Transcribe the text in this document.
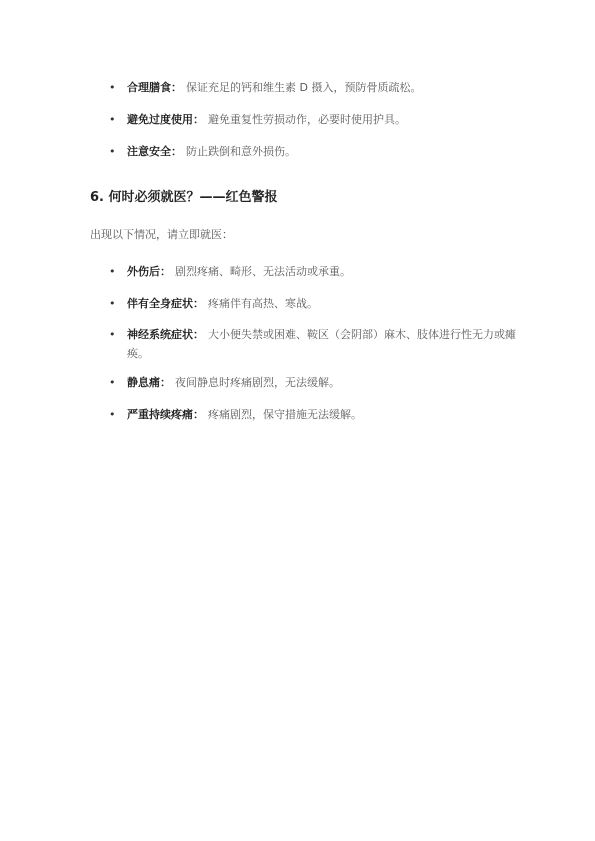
• 合理膳食： 保证充足的钙和维生素 D 摄入，预防骨质疏松。
• 避免过度使用： 避免重复性劳损动作，必要时使用护具。
• 注意安全： 防止跌倒和意外损伤。
6. 何时必须就医？——红色警报
出现以下情况，请立即就医：
• 外伤后： 剧烈疼痛、畸形、无法活动或承重。
• 伴有全身症状： 疼痛伴有高热、寒战。
• 神经系统症状： 大小便失禁或困难、鞍区（会阴部）麻木、肢体进行性无力或瘫痪。
• 静息痛： 夜间静息时疼痛剧烈，无法缓解。
• 严重持续疼痛： 疼痛剧烈，保守措施无法缓解。
